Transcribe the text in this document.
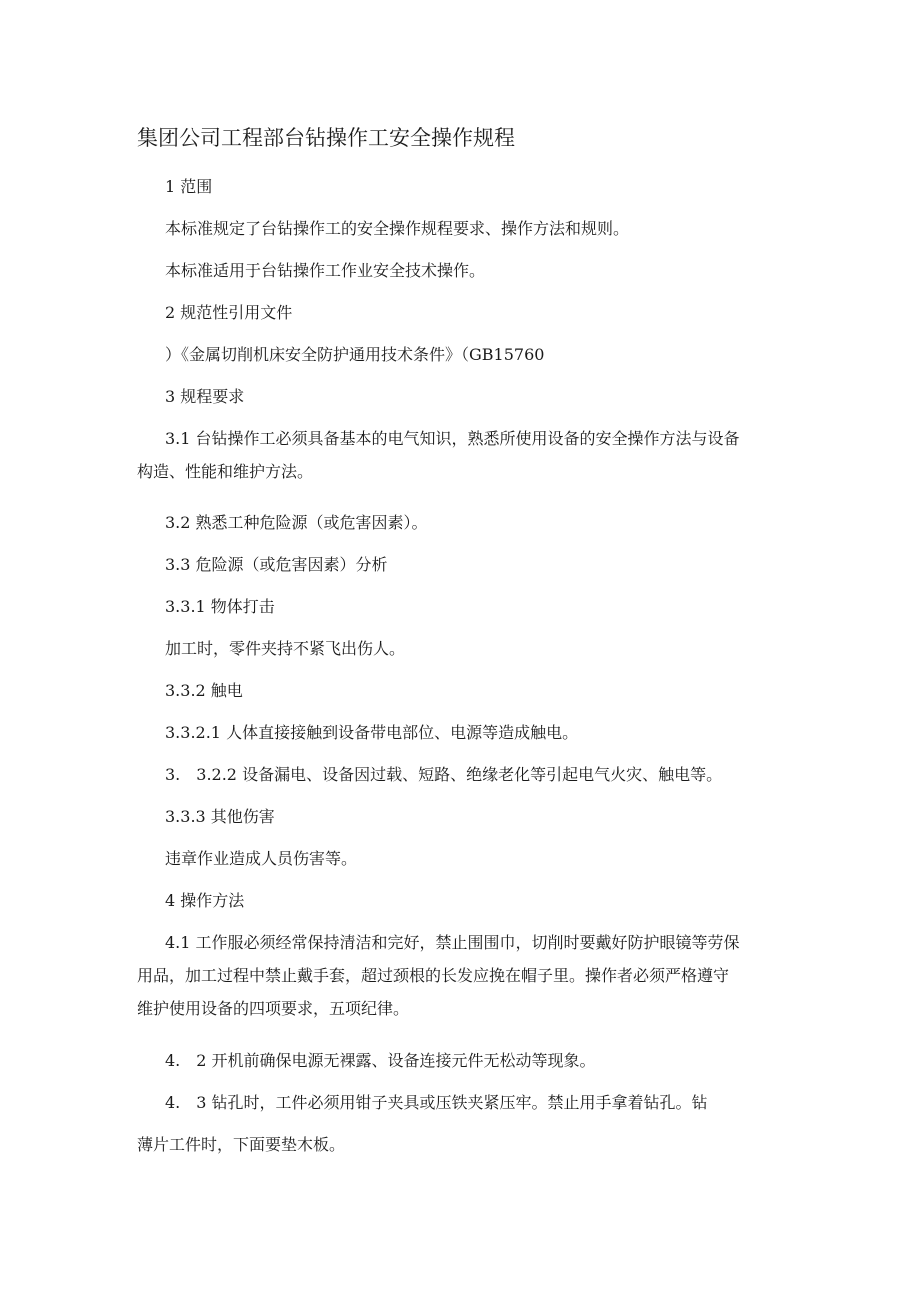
集团公司工程部台钻操作工安全操作规程

1 范围

本标准规定了台钻操作工的安全操作规程要求、操作方法和规则。

本标准适用于台钻操作工作业安全技术操作。

2 规范性引用文件

）《金属切削机床安全防护通用技术条件》（GB15760

3 规程要求

3.1 台钻操作工必须具备基本的电气知识，熟悉所使用设备的安全操作方法与设备
构造、性能和维护方法。

3.2 熟悉工种危险源（或危害因素）。

3.3 危险源（或危害因素）分析

3.3.1 物体打击

加工时，零件夹持不紧飞出伤人。

3.3.2 触电

3.3.2.1 人体直接接触到设备带电部位、电源等造成触电。

3.　3.2.2 设备漏电、设备因过载、短路、绝缘老化等引起电气火灾、触电等。

3.3.3 其他伤害

违章作业造成人员伤害等。

4 操作方法

4.1 工作服必须经常保持清洁和完好，禁止围围巾，切削时要戴好防护眼镜等劳保
用品，加工过程中禁止戴手套，超过颈根的长发应挽在帽子里。操作者必须严格遵守
维护使用设备的四项要求，五项纪律。

4.　2 开机前确保电源无裸露、设备连接元件无松动等现象。

4.　3 钻孔时，工件必须用钳子夹具或压铁夹紧压牢。禁止用手拿着钻孔。钻
薄片工件时，下面要垫木板。
